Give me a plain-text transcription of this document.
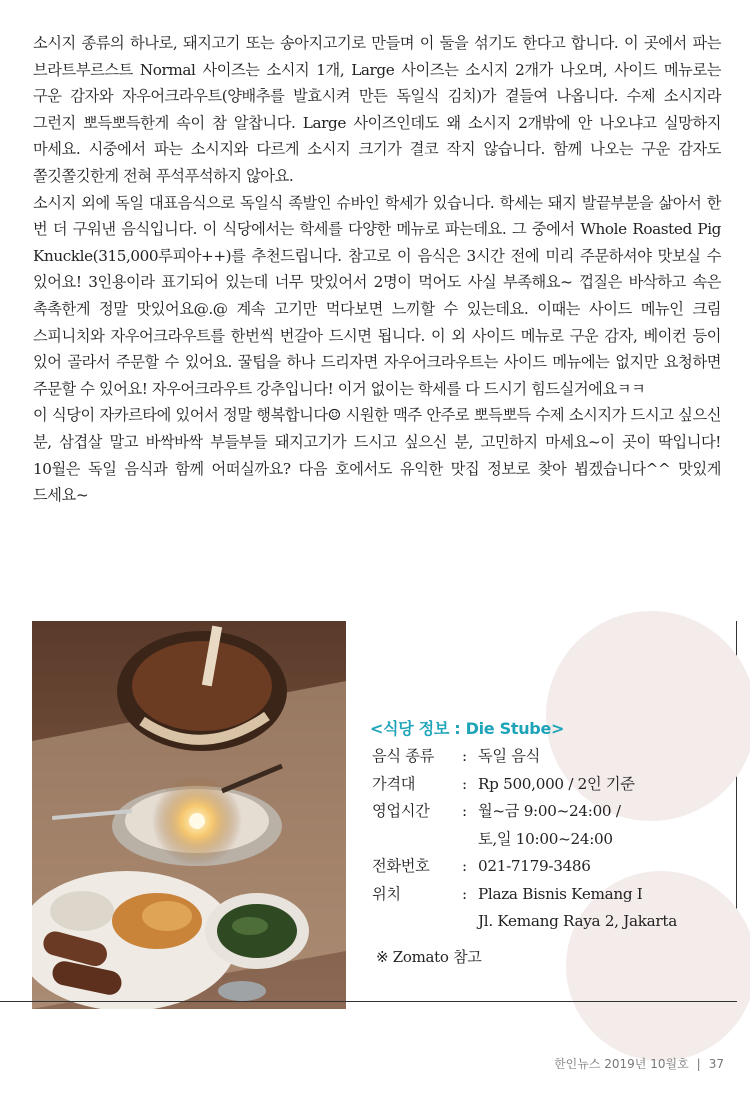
소시지 종류의 하나로, 돼지고기 또는 송아지고기로 만들며 이 둘을 섞기도 한다고 합니다. 이 곳에서 파는 브라트부르스트 Normal 사이즈는 소시지 1개, Large 사이즈는 소시지 2개가 나오며, 사이드 메뉴로는 구운 감자와 자우어크라우트(양배추를 발효시켜 만든 독일식 김치)가 곁들여 나옵니다. 수제 소시지라 그런지 뽀득뽀득한게 속이 참 알찹니다. Large 사이즈인데도 왜 소시지 2개밖에 안 나오냐고 실망하지 마세요. 시중에서 파는 소시지와 다르게 소시지 크기가 결코 작지 않습니다. 함께 나오는 구운 감자도 쫄깃쫄깃한게 전혀 푸석푸석하지 않아요.

소시지 외에 독일 대표음식으로 독일식 족발인 슈바인 학세가 있습니다. 학세는 돼지 발끝부분을 삶아서 한 번 더 구워낸 음식입니다. 이 식당에서는 학세를 다양한 메뉴로 파는데요. 그 중에서 Whole Roasted Pig Knuckle(315,000루피아++)를 추천드립니다. 참고로 이 음식은 3시간 전에 미리 주문하셔야 맛보실 수 있어요! 3인용이라 표기되어 있는데 너무 맛있어서 2명이 먹어도 사실 부족해요~ 껍질은 바삭하고 속은 촉촉한게 정말 맛있어요@.@ 계속 고기만 먹다보면 느끼할 수 있는데요. 이때는 사이드 메뉴인 크림 스피니치와 자우어크라우트를 한번씩 번갈아 드시면 됩니다. 이 외 사이드 메뉴로 구운 감자, 베이컨 등이 있어 골라서 주문할 수 있어요. 꿀팁을 하나 드리자면 자우어크라우트는 사이드 메뉴에는 없지만 요청하면 주문할 수 있어요! 자우어크라우트 강추입니다! 이거 없이는 학세를 다 드시기 힘드실거에요ㅋㅋ

이 식당이 자카르타에 있어서 정말 행복합니다☺ 시원한 맥주 안주로 뽀득뽀득 수제 소시지가 드시고 싶으신 분, 삼겹살 말고 바싹바싹 부들부들 돼지고기가 드시고 싶으신 분, 고민하지 마세요~이 곳이 딱입니다! 10월은 독일 음식과 함께 어떠실까요? 다음 호에서도 유익한 맛집 정보로 찾아 뵙겠습니다^^ 맛있게 드세요~

<식당 정보 : Die Stube>
음식 종류	: 독일 음식
가격대	: Rp 500,000 / 2인 기준
영업시간	: 월~금 9:00~24:00 /
토,일 10:00~24:00
전화번호	: 021-7179-3486
위치	: Plaza Bisnis Kemang I
Jl. Kemang Raya 2, Jakarta
※ Zomato 참고
한인뉴스 2019년 10월호 | 37
